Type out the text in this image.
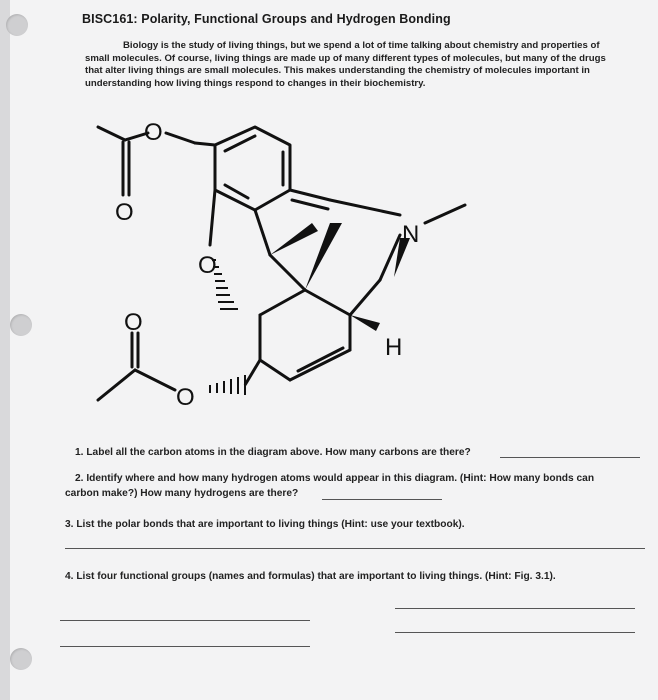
BISC161: Polarity, Functional Groups and Hydrogen Bonding
Biology is the study of living things, but we spend a lot of time talking about chemistry and properties of small molecules. Of course, living things are made up of many different types of molecules, but many of the drugs that alter living things are small molecules. This makes understanding the chemistry of molecules important in understanding how living things respond to changes in their biochemistry.
O
O
O
O
O
N
H
1. Label all the carbon atoms in the diagram above. How many carbons are there?
2. Identify where and how many hydrogen atoms would appear in this diagram. (Hint: How many bonds can
carbon make?) How many hydrogens are there?
3. List the polar bonds that are important to living things (Hint: use your textbook).
4. List four functional groups (names and formulas) that are important to living things. (Hint: Fig. 3.1).
